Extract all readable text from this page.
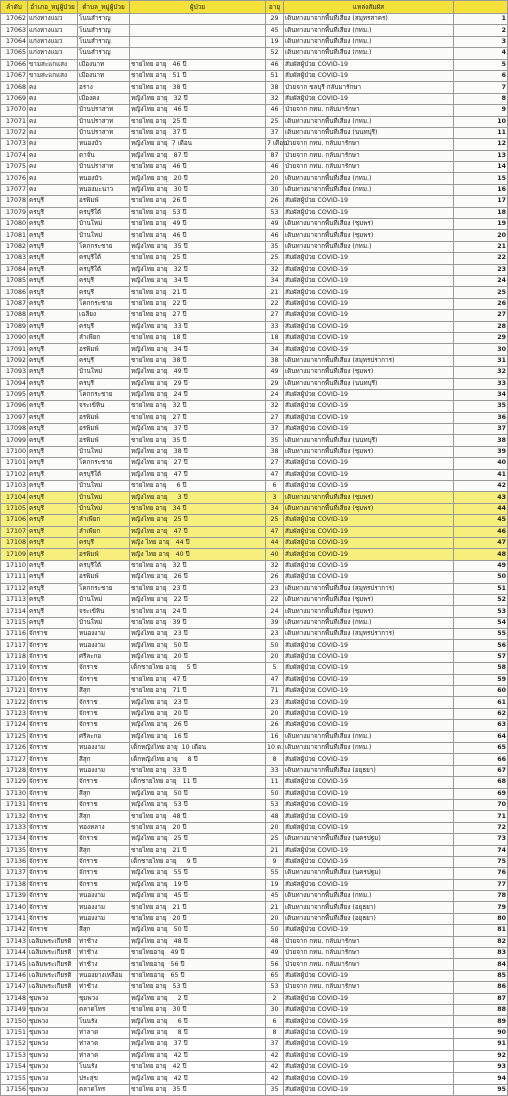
ลำดับ	อำเภอ_หมู่ผู้ป่วย	ตำบล_หมู่ผู้ป่วย	ผู้ป่วย	อายุ	แหล่งสัมผัส	
17062	แก่งหางแมว	โนนสำราญ		29	เดินทางมาจากพื้นที่เสี่ยง (สมุทรสาคร)	1
17063	แก่งหางแมว	โนนสำราญ		45	เดินทางมาจากพื้นที่เสี่ยง (กทม.)	2
17064	แก่งหางแมว	โนนสำราญ		19	เดินทางมาจากพื้นที่เสี่ยง (กทม.)	3
17065	แก่งหางแมว	โนนสำราญ		52	เดินทางมาจากพื้นที่เสี่ยง (กทม.)	4
17066	ขามสะแกแสง	เมืองนาท	ชายไทย อายุ 46 ปี	46	สัมผัสผู้ป่วย COVID-19	5
17067	ขามสะแกแสง	เมืองนาท	ชายไทย อายุ 51 ปี	51	สัมผัสผู้ป่วย COVID-19	6
17068	คง	อราง	ชายไทย อายุ 38 ปี	38	ป่วยจาก ชลบุรี กลับมารักษา	7
17069	คง	เมืองคง	หญิงไทย อายุ 32 ปี	32	สัมผัสผู้ป่วย COVID-19	8
17070	คง	บ้านปราสาท	หญิงไทย อายุ 46 ปี	46	ป่วยจาก กทม. กลับมารักษา	9
17071	คง	บ้านปราสาท	ชายไทย อายุ 25 ปี	25	เดินทางมาจากพื้นที่เสี่ยง (กทม.)	10
17072	คง	บ้านปราสาท	ชายไทย อายุ 37 ปี	37	เดินทางมาจากพื้นที่เสี่ยง (นนทบุรี)	11
17073	คง	หนองบัว	หญิงไทย อายุ 7 เดือน	7 เดือน	ป่วยจาก กทม. กลับมารักษา	12
17074	คง	ตาจั่น	หญิงไทย อายุ 87 ปี	87	ป่วยจาก กทม. กลับมารักษา	13
17075	คง	บ้านปราสาท	ชายไทย อายุ 46 ปี	46	ป่วยจาก กทม. กลับมารักษา	14
17076	คง	หนองบัว	หญิงไทย อายุ 20 ปี	20	เดินทางมาจากพื้นที่เสี่ยง (กทม.)	15
17077	คง	หนองมะนาว	หญิงไทย อายุ 30 ปี	30	เดินทางมาจากพื้นที่เสี่ยง (กทม.)	16
17078	ครบุรี	อรพิมพ์	ชายไทย อายุ 26 ปี	26	สัมผัสผู้ป่วย COVID-19	17
17079	ครบุรี	ครบุรีใต้	ชายไทย อายุ 53 ปี	53	สัมผัสผู้ป่วย COVID-19	18
17080	ครบุรี	บ้านใหม่	ชายไทย อายุ 49 ปี	49	เดินทางมาจากพื้นที่เสี่ยง (ชุมพร)	19
17081	ครบุรี	บ้านใหม่	ชายไทย อายุ 46 ปี	46	เดินทางมาจากพื้นที่เสี่ยง (ชุมพร)	20
17082	ครบุรี	โคกกระชาย	หญิงไทย อายุ 35 ปี	35	เดินทางมาจากพื้นที่เสี่ยง (กทม.)	21
17083	ครบุรี	ครบุรีใต้	ชายไทย อายุ 25 ปี	25	สัมผัสผู้ป่วย COVID-19	22
17084	ครบุรี	ครบุรีใต้	หญิงไทย อายุ 32 ปี	32	สัมผัสผู้ป่วย COVID-19	23
17085	ครบุรี	ครบุรี	หญิงไทย อายุ 34 ปี	34	สัมผัสผู้ป่วย COVID-19	24
17086	ครบุรี	ครบุรี	ชายไทย อายุ 21 ปี	21	สัมผัสผู้ป่วย COVID-19	25
17087	ครบุรี	โคกกระชาย	ชายไทย อายุ 22 ปี	22	สัมผัสผู้ป่วย COVID-19	26
17088	ครบุรี	เฉลียง	ชายไทย อายุ 27 ปี	27	สัมผัสผู้ป่วย COVID-19	27
17089	ครบุรี	ครบุรี	หญิงไทย อายุ 33 ปี	33	สัมผัสผู้ป่วย COVID-19	28
17090	ครบุรี	ลำเพียก	ชายไทย อายุ 18 ปี	18	สัมผัสผู้ป่วย COVID-19	29
17091	ครบุรี	อรพิมพ์	หญิงไทย อายุ 34 ปี	34	สัมผัสผู้ป่วย COVID-19	30
17092	ครบุรี	ครบุรี	ชายไทย อายุ 38 ปี	38	เดินทางมาจากพื้นที่เสี่ยง (สมุทรปราการ)	31
17093	ครบุรี	บ้านใหม่	หญิงไทย อายุ 49 ปี	49	เดินทางมาจากพื้นที่เสี่ยง (ชุมพร)	32
17094	ครบุรี	ครบุรี	หญิงไทย อายุ 29 ปี	29	เดินทางมาจากพื้นที่เสี่ยง (นนทบุรี)	33
17095	ครบุรี	โคกกระชาย	หญิงไทย อายุ 24 ปี	24	สัมผัสผู้ป่วย COVID-19	34
17096	ครบุรี	จระเข้หิน	ชายไทย อายุ 32 ปี	32	สัมผัสผู้ป่วย COVID-19	35
17097	ครบุรี	อรพิมพ์	ชายไทย อายุ 27 ปี	27	สัมผัสผู้ป่วย COVID-19	36
17098	ครบุรี	อรพิมพ์	หญิงไทย อายุ 37 ปี	37	สัมผัสผู้ป่วย COVID-19	37
17099	ครบุรี	อรพิมพ์	ชายไทย อายุ 35 ปี	35	เดินทางมาจากพื้นที่เสี่ยง (นนทบุรี)	38
17100	ครบุรี	บ้านใหม่	หญิงไทย อายุ 38 ปี	38	เดินทางมาจากพื้นที่เสี่ยง (ชุมพร)	39
17101	ครบุรี	โคกกระชาย	หญิงไทย อายุ 27 ปี	27	สัมผัสผู้ป่วย COVID-19	40
17102	ครบุรี	ครบุรีใต้	หญิงไทย อายุ 47 ปี	47	สัมผัสผู้ป่วย COVID-19	41
17103	ครบุรี	บ้านใหม่	ชายไทย อายุ 6 ปี	6	สัมผัสผู้ป่วย COVID-19	42
17104	ครบุรี	บ้านใหม่	หญิงไทย อายุ 3 ปี	3	เดินทางมาจากพื้นที่เสี่ยง (ชุมพร)	43
17105	ครบุรี	บ้านใหม่	ชายไทย อายุ 34 ปี	34	เดินทางมาจากพื้นที่เสี่ยง (ชุมพร)	44
17106	ครบุรี	ลำเพียก	หญิงไทย อายุ 25 ปี	25	สัมผัสผู้ป่วย COVID-19	45
17107	ครบุรี	ลำเพียก	หญิงไทย อายุ 47 ปี	47	สัมผัสผู้ป่วย COVID-19	46
17108	ครบุรี	ครบุรี	หญิง ไทย อายุ 44 ปี	44	สัมผัสผู้ป่วย COVID-19	47
17109	ครบุรี	อรพิมพ์	หญิง ไทย อายุ 40 ปี	40	สัมผัสผู้ป่วย COVID-19	48
17110	ครบุรี	ครบุรีใต้	ชายไทย อายุ 32 ปี	32	สัมผัสผู้ป่วย COVID-19	49
17111	ครบุรี	อรพิมพ์	หญิงไทย อายุ 26 ปี	26	สัมผัสผู้ป่วย COVID-19	50
17112	ครบุรี	โคกกระชาย	ชายไทย อายุ 23 ปี	23	เดินทางมาจากพื้นที่เสี่ยง (สมุทรปราการ)	51
17113	ครบุรี	บ้านใหม่	หญิงไทย อายุ 22 ปี	22	เดินทางมาจากพื้นที่เสี่ยง (ชุมพร)	52
17114	ครบุรี	จระเข้หิน	ชายไทย อายุ 24 ปี	24	เดินทางมาจากพื้นที่เสี่ยง (ชุมพร)	53
17115	ครบุรี	บ้านใหม่	ชายไทย อายุ 39 ปี	39	เดินทางมาจากพื้นที่เสี่ยง (กทม.)	54
17116	จักราช	หนองงาม	หญิงไทย อายุ 23 ปี	23	เดินทางมาจากพื้นที่เสี่ยง (สมุทรปราการ)	55
17117	จักราช	หนองงาม	หญิงไทย อายุ 50 ปี	50	สัมผัสผู้ป่วย COVID-19	56
17118	จักราช	ศรีละกอ	หญิงไทย อายุ 20 ปี	20	สัมผัสผู้ป่วย COVID-19	57
17119	จักราช	จักราช	เด็กชายไทย อายุ 5 ปี	5	สัมผัสผู้ป่วย COVID-19	58
17120	จักราช	จักราช	ชายไทย อายุ 47 ปี	47	สัมผัสผู้ป่วย COVID-19	59
17121	จักราช	สีสุก	ชายไทย อายุ 71 ปี	71	สัมผัสผู้ป่วย COVID-19	60
17122	จักราช	จักราช	หญิงไทย อายุ 23 ปี	23	สัมผัสผู้ป่วย COVID-19	61
17123	จักราช	จักราช	หญิงไทย อายุ 20 ปี	20	สัมผัสผู้ป่วย COVID-19	62
17124	จักราช	จักราช	หญิงไทย อายุ 26 ปี	26	สัมผัสผู้ป่วย COVID-19	63
17125	จักราช	ศรีละกอ	หญิงไทย อายุ 16 ปี	16	เดินทางมาจากพื้นที่เสี่ยง (กทม.)	64
17126	จักราช	หนองงาม	เด็กหญิงไทย อายุ 10 เดือน	10 ด.	เดินทางมาจากพื้นที่เสี่ยง (กทม.)	65
17127	จักราช	สีสุก	เด็กหญิงไทย อายุ 8 ปี	8	สัมผัสผู้ป่วย COVID-19	66
17128	จักราช	หนองงาม	ชายไทย อายุ 33 ปี	33	เดินทางมาจากพื้นที่เสี่ยง (อยุธยา)	67
17129	จักราช	จักราช	เด็กชายไทย อายุ 11 ปี	11	สัมผัสผู้ป่วย COVID-19	68
17130	จักราช	สีสุก	หญิงไทย อายุ 50 ปี	50	สัมผัสผู้ป่วย COVID-19	69
17131	จักราช	จักราช	หญิงไทย อายุ 53 ปี	53	สัมผัสผู้ป่วย COVID-19	70
17132	จักราช	สีสุก	ชายไทย อายุ 48 ปี	48	สัมผัสผู้ป่วย COVID-19	71
17133	จักราช	ทองหลาง	ชายไทย อายุ 20 ปี	20	สัมผัสผู้ป่วย COVID-19	72
17134	จักราช	จักราช	หญิงไทย อายุ 25 ปี	25	เดินทางมาจากพื้นที่เสี่ยง (นครปฐม)	73
17135	จักราช	สีสุก	ชายไทย อายุ 21 ปี	21	สัมผัสผู้ป่วย COVID-19	74
17136	จักราช	จักราช	เด็กชายไทย อายุ 9 ปี	9	สัมผัสผู้ป่วย COVID-19	75
17137	จักราช	จักราช	หญิงไทย อายุ 55 ปี	55	เดินทางมาจากพื้นที่เสี่ยง (นครปฐม)	76
17138	จักราช	จักราช	หญิงไทย อายุ 19 ปี	19	สัมผัสผู้ป่วย COVID-19	77
17139	จักราช	หนองงาม	หญิงไทย อายุ 45 ปี	45	เดินทางมาจากพื้นที่เสี่ยง (กทม.)	78
17140	จักราช	หนองงาม	ชายไทย อายุ 21 ปี	21	เดินทางมาจากพื้นที่เสี่ยง (อยุธยา)	79
17141	จักราช	หนองงาม	ชายไทย อายุ 20 ปี	20	เดินทางมาจากพื้นที่เสี่ยง (อยุธยา)	80
17142	จักราช	สีสุก	หญิงไทย อายุ 50 ปี	50	สัมผัสผู้ป่วย COVID-19	81
17143	เฉลิมพระเกียรติ	ท่าช้าง	หญิงไทย อายุ 48 ปี	48	ป่วยจาก กทม. กลับมารักษา	82
17144	เฉลิมพระเกียรติ	ท่าช้าง	ชายไทยอายุ 49 ปี	49	ป่วยจาก กทม. กลับมารักษา	83
17145	เฉลิมพระเกียรติ	ท่าช้าง	ชายไทยอายุ 56 ปี	56	ป่วยจาก กทม. กลับมารักษา	84
17146	เฉลิมพระเกียรติ	หนองยางเหลือม	ชายไทยอายุ 65 ปี	65	สัมผัสผู้ป่วย COVID-19	85
17147	เฉลิมพระเกียรติ	ท่าช้าง	ชายไทย อายุ 53 ปี	53	ป่วยจาก กทม. กลับมารักษา	86
17148	ชุมพวง	ชุมพวง	หญิงไทย อายุ 2 ปี	2	สัมผัสผู้ป่วย COVID-19	87
17149	ชุมพวง	ตลาดไทร	ชายไทย อายุ 30 ปี	30	สัมผัสผู้ป่วย COVID-19	88
17150	ชุมพวง	โนนรัง	หญิงไทย อายุ 6 ปี	6	สัมผัสผู้ป่วย COVID-19	89
17151	ชุมพวง	ท่าลาด	หญิงไทย อายุ 8 ปี	8	สัมผัสผู้ป่วย COVID-19	90
17152	ชุมพวง	ท่าลาด	หญิงไทย อายุ 37 ปี	37	สัมผัสผู้ป่วย COVID-19	91
17153	ชุมพวง	ท่าลาด	หญิงไทย อายุ 42 ปี	42	สัมผัสผู้ป่วย COVID-19	92
17154	ชุมพวง	โนนรัง	ชายไทย อายุ 42 ปี	42	สัมผัสผู้ป่วย COVID-19	93
17155	ชุมพวง	ประสุข	หญิงไทย อายุ 42 ปี	42	สัมผัสผู้ป่วย COVID-19	94
17156	ชุมพวง	ตลาดไทร	ชายไทย อายุ 35 ปี	35	สัมผัสผู้ป่วย COVID-19	95
